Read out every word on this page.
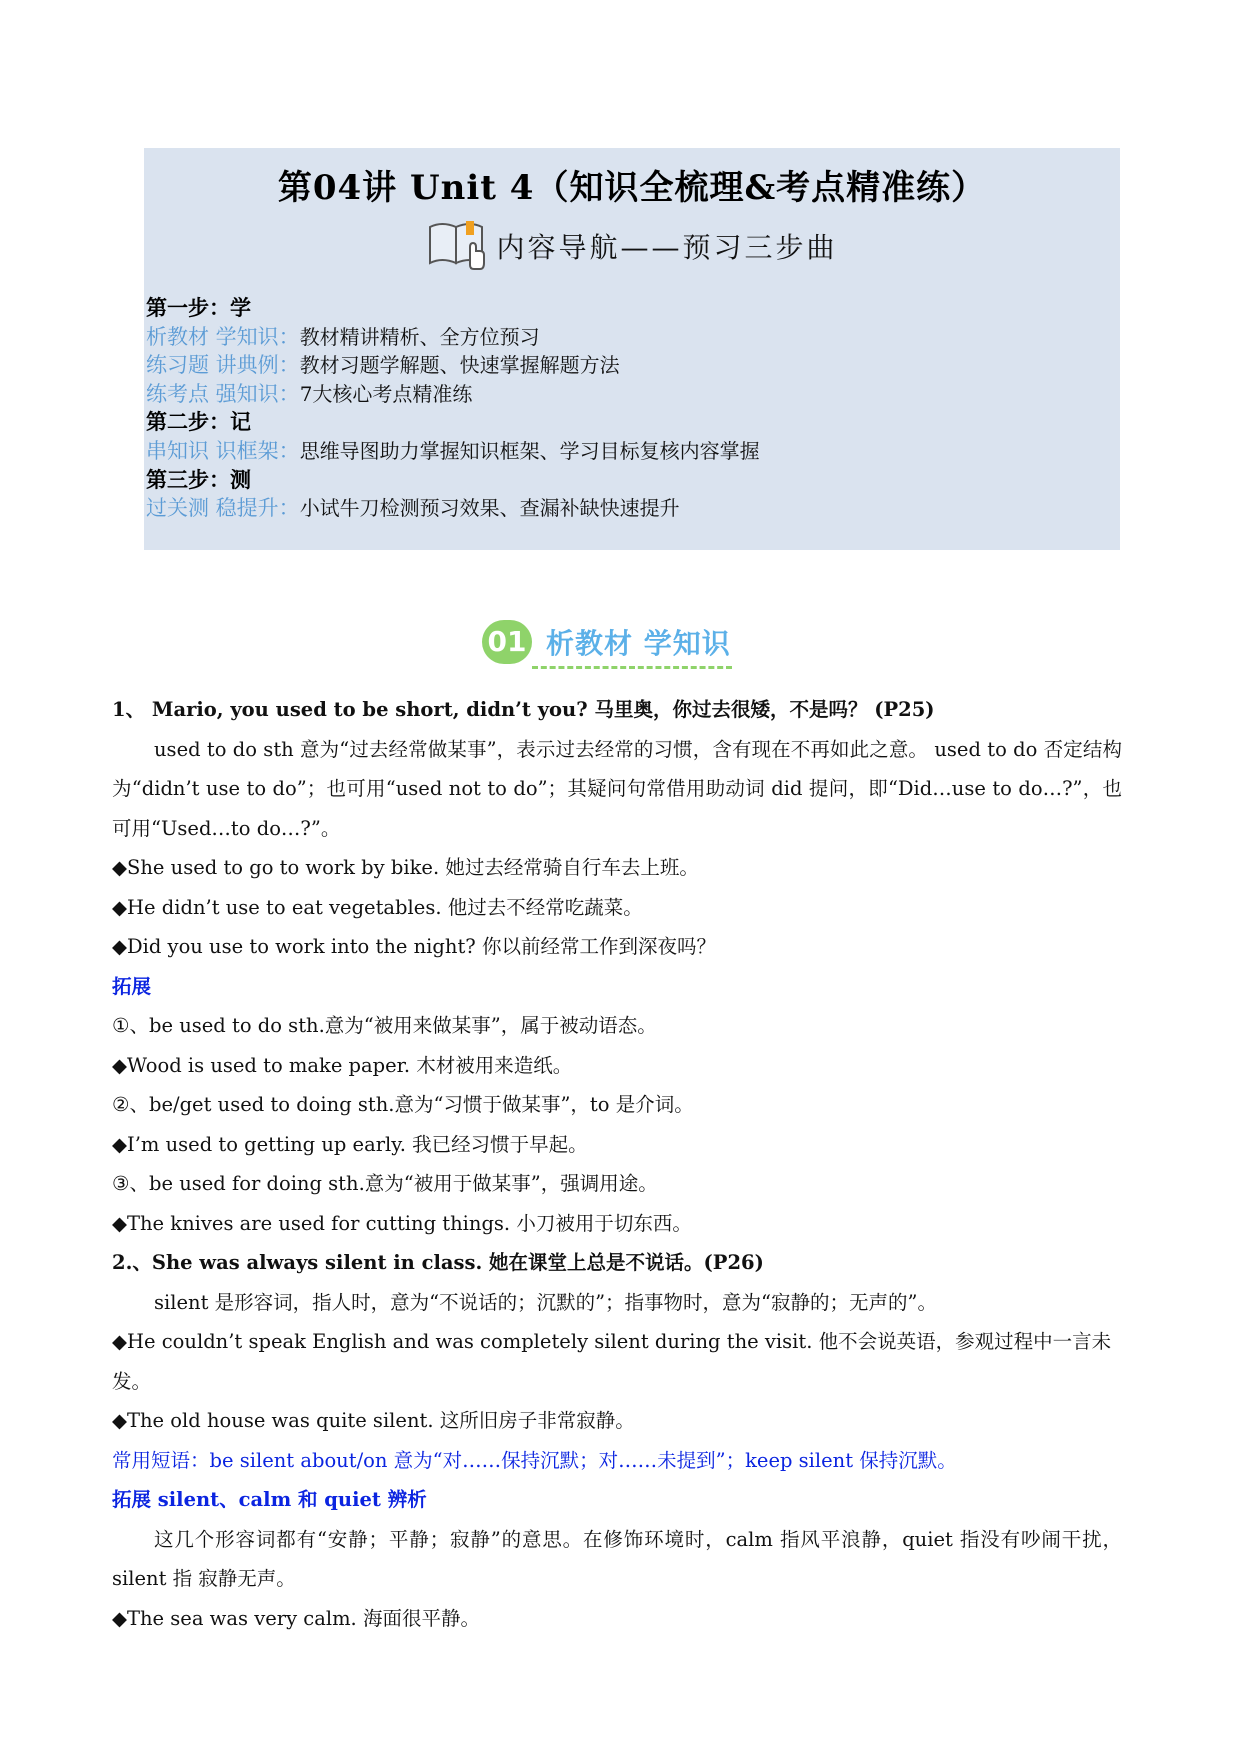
第04讲 Unit 4（知识全梳理&考点精准练）
内容导航——预习三步曲
第一步：学
析教材 学知识：教材精讲精析、全方位预习
练习题 讲典例：教材习题学解题、快速掌握解题方法
练考点 强知识：7大核心考点精准练
第二步：记
串知识 识框架：思维导图助力掌握知识框架、学习目标复核内容掌握
第三步：测
过关测 稳提升：小试牛刀检测预习效果、查漏补缺快速提升
01 析教材 学知识

1、 Mario, you used to be short, didn’t you? 马里奥，你过去很矮，不是吗？ (P25)

used to do sth 意为“过去经常做某事”，表示过去经常的习惯，含有现在不再如此之意。 used to do 否定结构为“didn’t use to do”；也可用“used not to do”；其疑问句常借用助动词 did 提问，即“Did…use to do…?”，也可用“Used…to do…?”。

◆She used to go to work by bike. 她过去经常骑自行车去上班。

◆He didn’t use to eat vegetables. 他过去不经常吃蔬菜。

◆Did you use to work into the night? 你以前经常工作到深夜吗？

拓展

①、be used to do sth.意为“被用来做某事”，属于被动语态。

◆Wood is used to make paper. 木材被用来造纸。

②、be/get used to doing sth.意为“习惯于做某事”，to 是介词。

◆I’m used to getting up early. 我已经习惯于早起。

③、be used for doing sth.意为“被用于做某事”，强调用途。

◆The knives are used for cutting things. 小刀被用于切东西。

2.、She was always silent in class. 她在课堂上总是不说话。(P26)

silent 是形容词，指人时，意为“不说话的；沉默的”；指事物时，意为“寂静的；无声的”。

◆He couldn’t speak English and was completely silent during the visit. 他不会说英语，参观过程中一言未发。

◆The old house was quite silent. 这所旧房子非常寂静。

常用短语：be silent about/on 意为“对……保持沉默；对……未提到”；keep silent 保持沉默。

拓展 silent、calm 和 quiet 辨析

这几个形容词都有“安静；平静；寂静”的意思。在修饰环境时，calm 指风平浪静，quiet 指没有吵闹干扰，silent 指 寂静无声。

◆The sea was very calm. 海面很平静。
